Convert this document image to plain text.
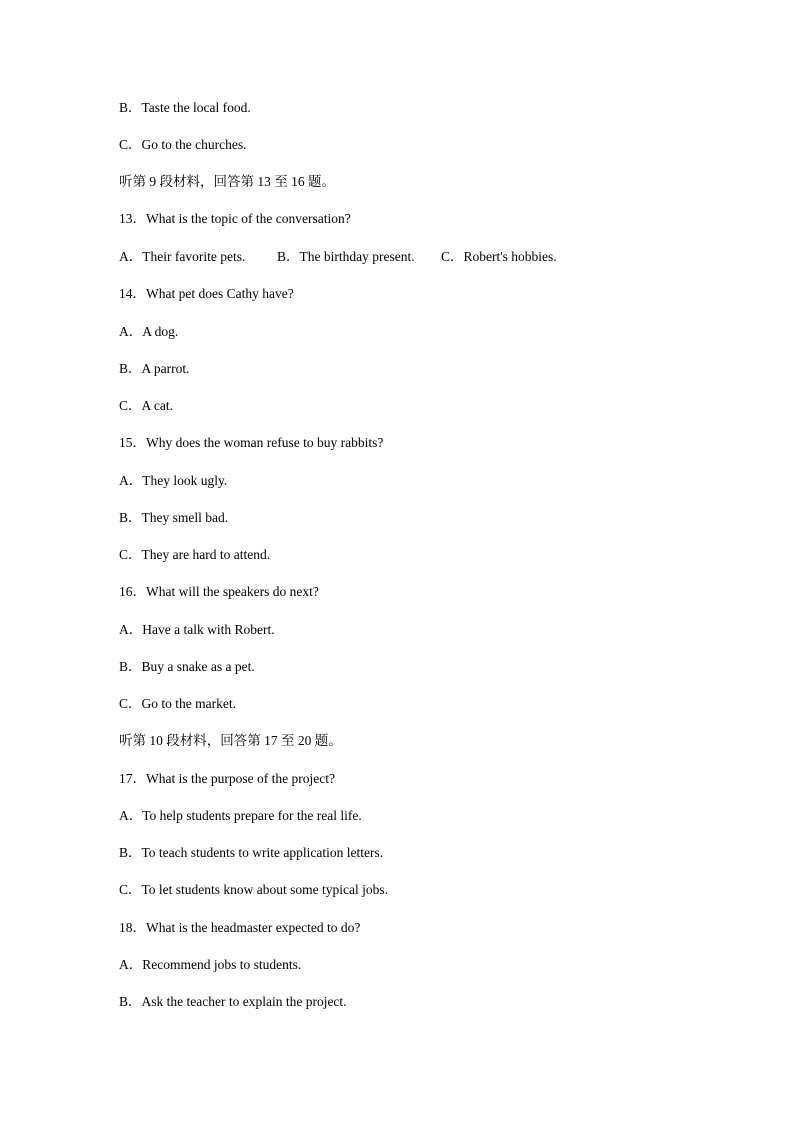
B．Taste the local food.
C．Go to the churches.
听第 9 段材料，回答第 13 至 16 题。
13．What is the topic of the conversation?

A．Their favorite pets.

B．The birthday present.

C．Robert's hobbies.

14．What pet does Cathy have?
A．A dog.
B．A parrot.
C．A cat.
15．Why does the woman refuse to buy rabbits?
A．They look ugly.
B．They smell bad.
C．They are hard to attend.
16．What will the speakers do next?
A．Have a talk with Robert.
B．Buy a snake as a pet.
C．Go to the market.
听第 10 段材料，回答第 17 至 20 题。
17．What is the purpose of the project?
A．To help students prepare for the real life.
B．To teach students to write application letters.
C．To let students know about some typical jobs.
18．What is the headmaster expected to do?
A．Recommend jobs to students.
B．Ask the teacher to explain the project.
